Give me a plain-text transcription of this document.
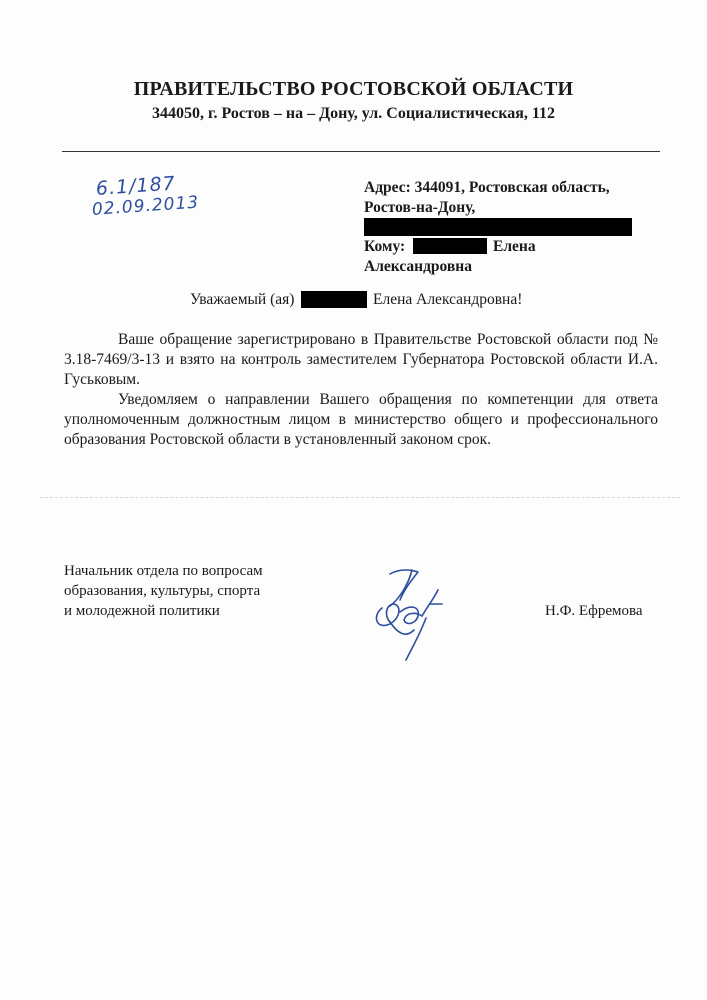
ПРАВИТЕЛЬСТВО РОСТОВСКОЙ ОБЛАСТИ
344050, г. Ростов – на – Дону, ул. Социалистическая, 112
6.1/187
02.09.2013
Адрес: 344091, Ростовская область,
Ростов-на-Дону,
Кому:	Елена
Александровна
Уважаемый (ая)	Елена Александровна!

Ваше обращение зарегистрировано в Правительстве Ростовской области под № 3.18-7469/3-13 и взято на контроль заместителем Губернатора Ростовской области И.А. Гуськовым.

Уведомляем о направлении Вашего обращения по компетенции для ответа уполномоченным должностным лицом в министерство общего и профессионального образования Ростовской области в установленный законом срок.

Начальник отдела по вопросам
образования, культуры, спорта
и молодежной политики	Н.Ф. Ефремова
